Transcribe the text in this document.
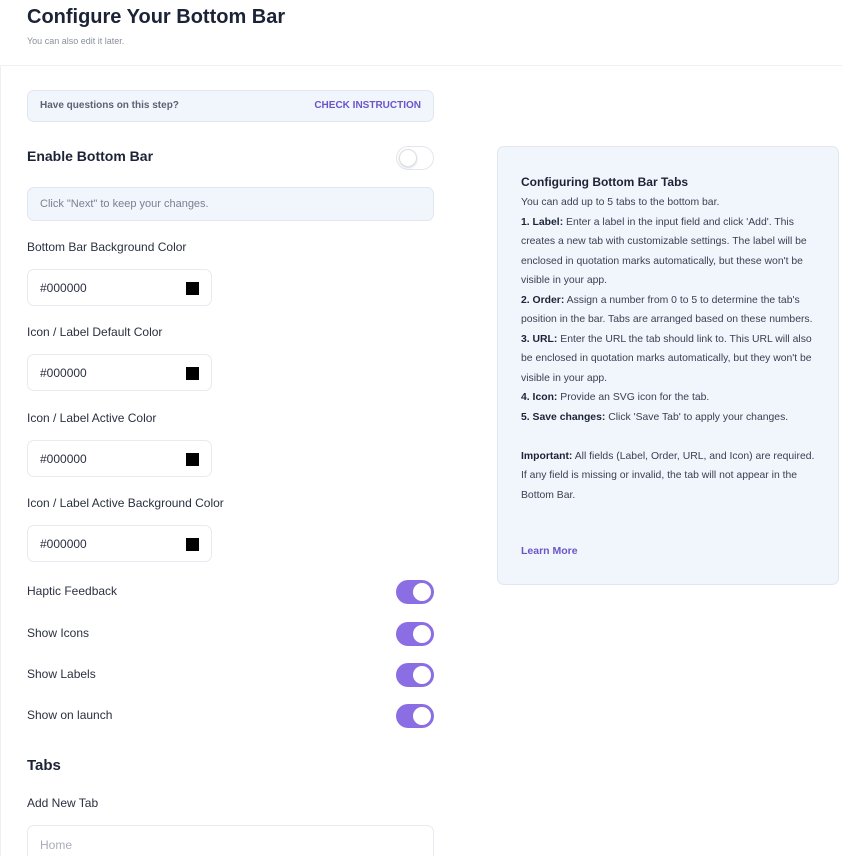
Configure Your Bottom Bar
You can also edit it later.
Have questions on this step?	CHECK INSTRUCTION
Enable Bottom Bar
Click "Next" to keep your changes.
Bottom Bar Background Color
#000000
Icon / Label Default Color
#000000
Icon / Label Active Color
#000000
Icon / Label Active Background Color
#000000
Haptic Feedback
Show Icons
Show Labels
Show on launch
Tabs
Add New Tab
Home
Configuring Bottom Bar Tabs

You can add up to 5 tabs to the bottom bar.

1. Label: Enter a label in the input field and click 'Add'. This creates a new tab with customizable settings. The label will be enclosed in quotation marks automatically, but these won't be visible in your app.

2. Order: Assign a number from 0 to 5 to determine the tab's position in the bar. Tabs are arranged based on these numbers.

3. URL: Enter the URL the tab should link to. This URL will also be enclosed in quotation marks automatically, but they won't be visible in your app.

4. Icon: Provide an SVG icon for the tab.

5. Save changes: Click 'Save Tab' to apply your changes.

Important: All fields (Label, Order, URL, and Icon) are required. If any field is missing or invalid, the tab will not appear in the Bottom Bar.

Learn More
